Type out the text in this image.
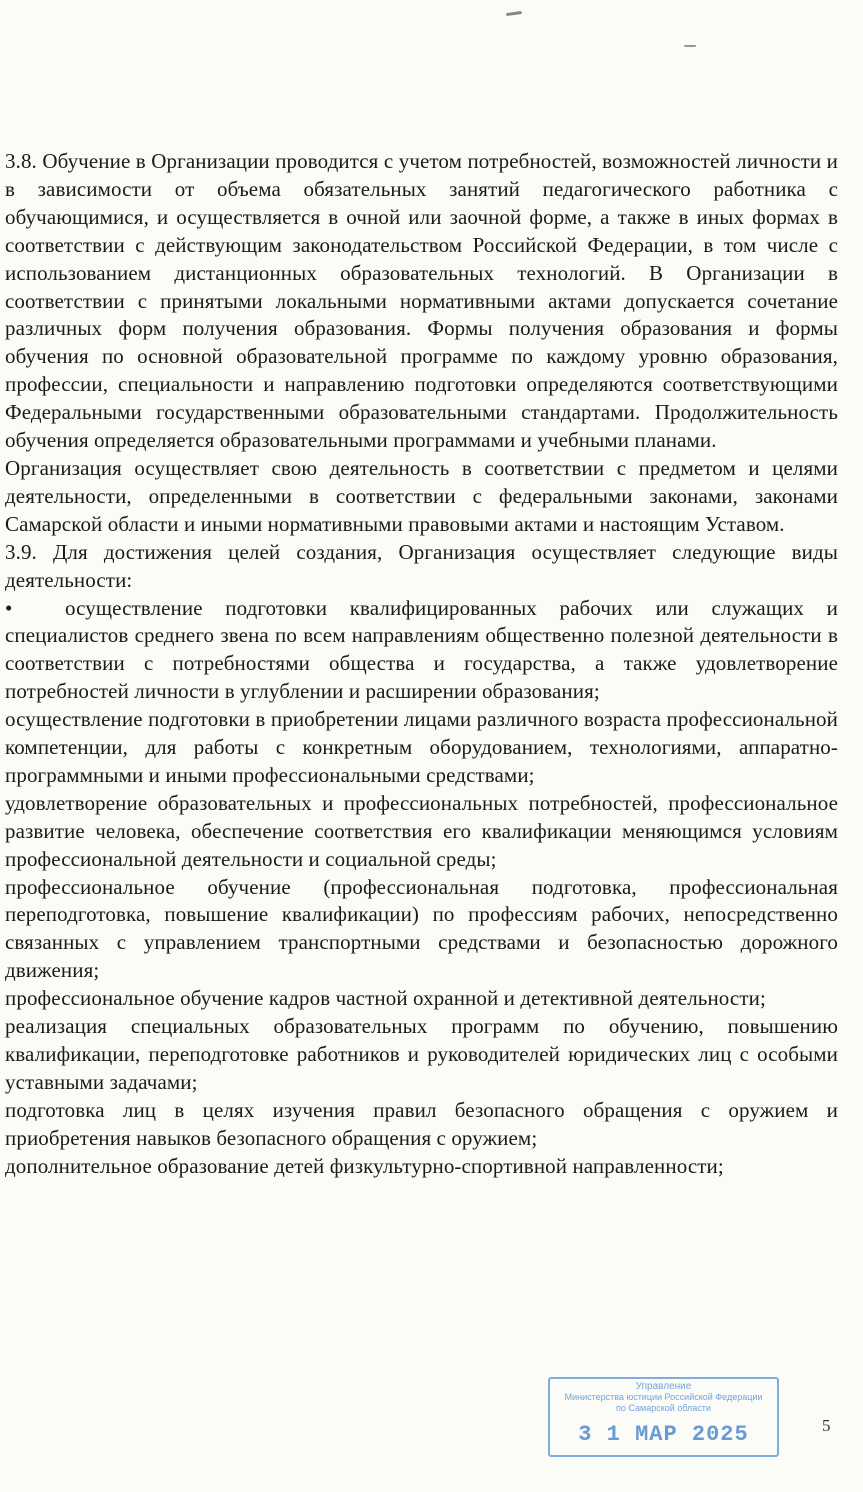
3.8. Обучение в Организации проводится с учетом потребностей, возможностей личности и в зависимости от объема обязательных занятий педагогического работника с обучающимися, и осуществляется в очной или заочной форме, а также в иных формах в соответствии с действующим законодательством Российской Федерации, в том числе с использованием дистанционных образовательных технологий. В Организации в соответствии с принятыми локальными нормативными актами допускается сочетание различных форм получения образования. Формы получения образования и формы обучения по основной образовательной программе по каждому уровню образования, профессии, специальности и направлению подготовки определяются соответствующими Федеральными государственными образовательными стандартами. Продолжительность обучения определяется образовательными программами и учебными планами.

Организация осуществляет свою деятельность в соответствии с предметом и целями деятельности, определенными в соответствии с федеральными законами, законами Самарской области и иными нормативными правовыми актами и настоящим Уставом.

3.9. Для достижения целей создания, Организация осуществляет следующие виды деятельности:

•	осуществление подготовки квалифицированных рабочих или служащих и специалистов среднего звена по всем направлениям общественно полезной деятельности в соответствии с потребностями общества и государства, а также удовлетворение потребностей личности в углублении и расширении образования;

осуществление подготовки в приобретении лицами различного возраста профессиональной компетенции, для работы с конкретным оборудованием, технологиями, аппаратно-программными и иными профессиональными средствами;

удовлетворение образовательных и профессиональных потребностей, профессиональное развитие человека, обеспечение соответствия его квалификации меняющимся условиям профессиональной деятельности и социальной среды;

профессиональное обучение (профессиональная подготовка, профессиональная переподготовка, повышение квалификации) по профессиям рабочих, непосредственно связанных с управлением транспортными средствами и безопасностью дорожного движения;

профессиональное обучение кадров частной охранной и детективной деятельности;

реализация специальных образовательных программ по обучению, повышению квалификации, переподготовке работников и руководителей юридических лиц с особыми уставными задачами;

подготовка лиц в целях изучения правил безопасного обращения с оружием и приобретения навыков безопасного обращения с оружием;

дополнительное образование детей физкультурно-спортивной направленности;

Управление
Министерства юстиции Российской Федерации
по Самарской области
3 1 МАР 2025	5
